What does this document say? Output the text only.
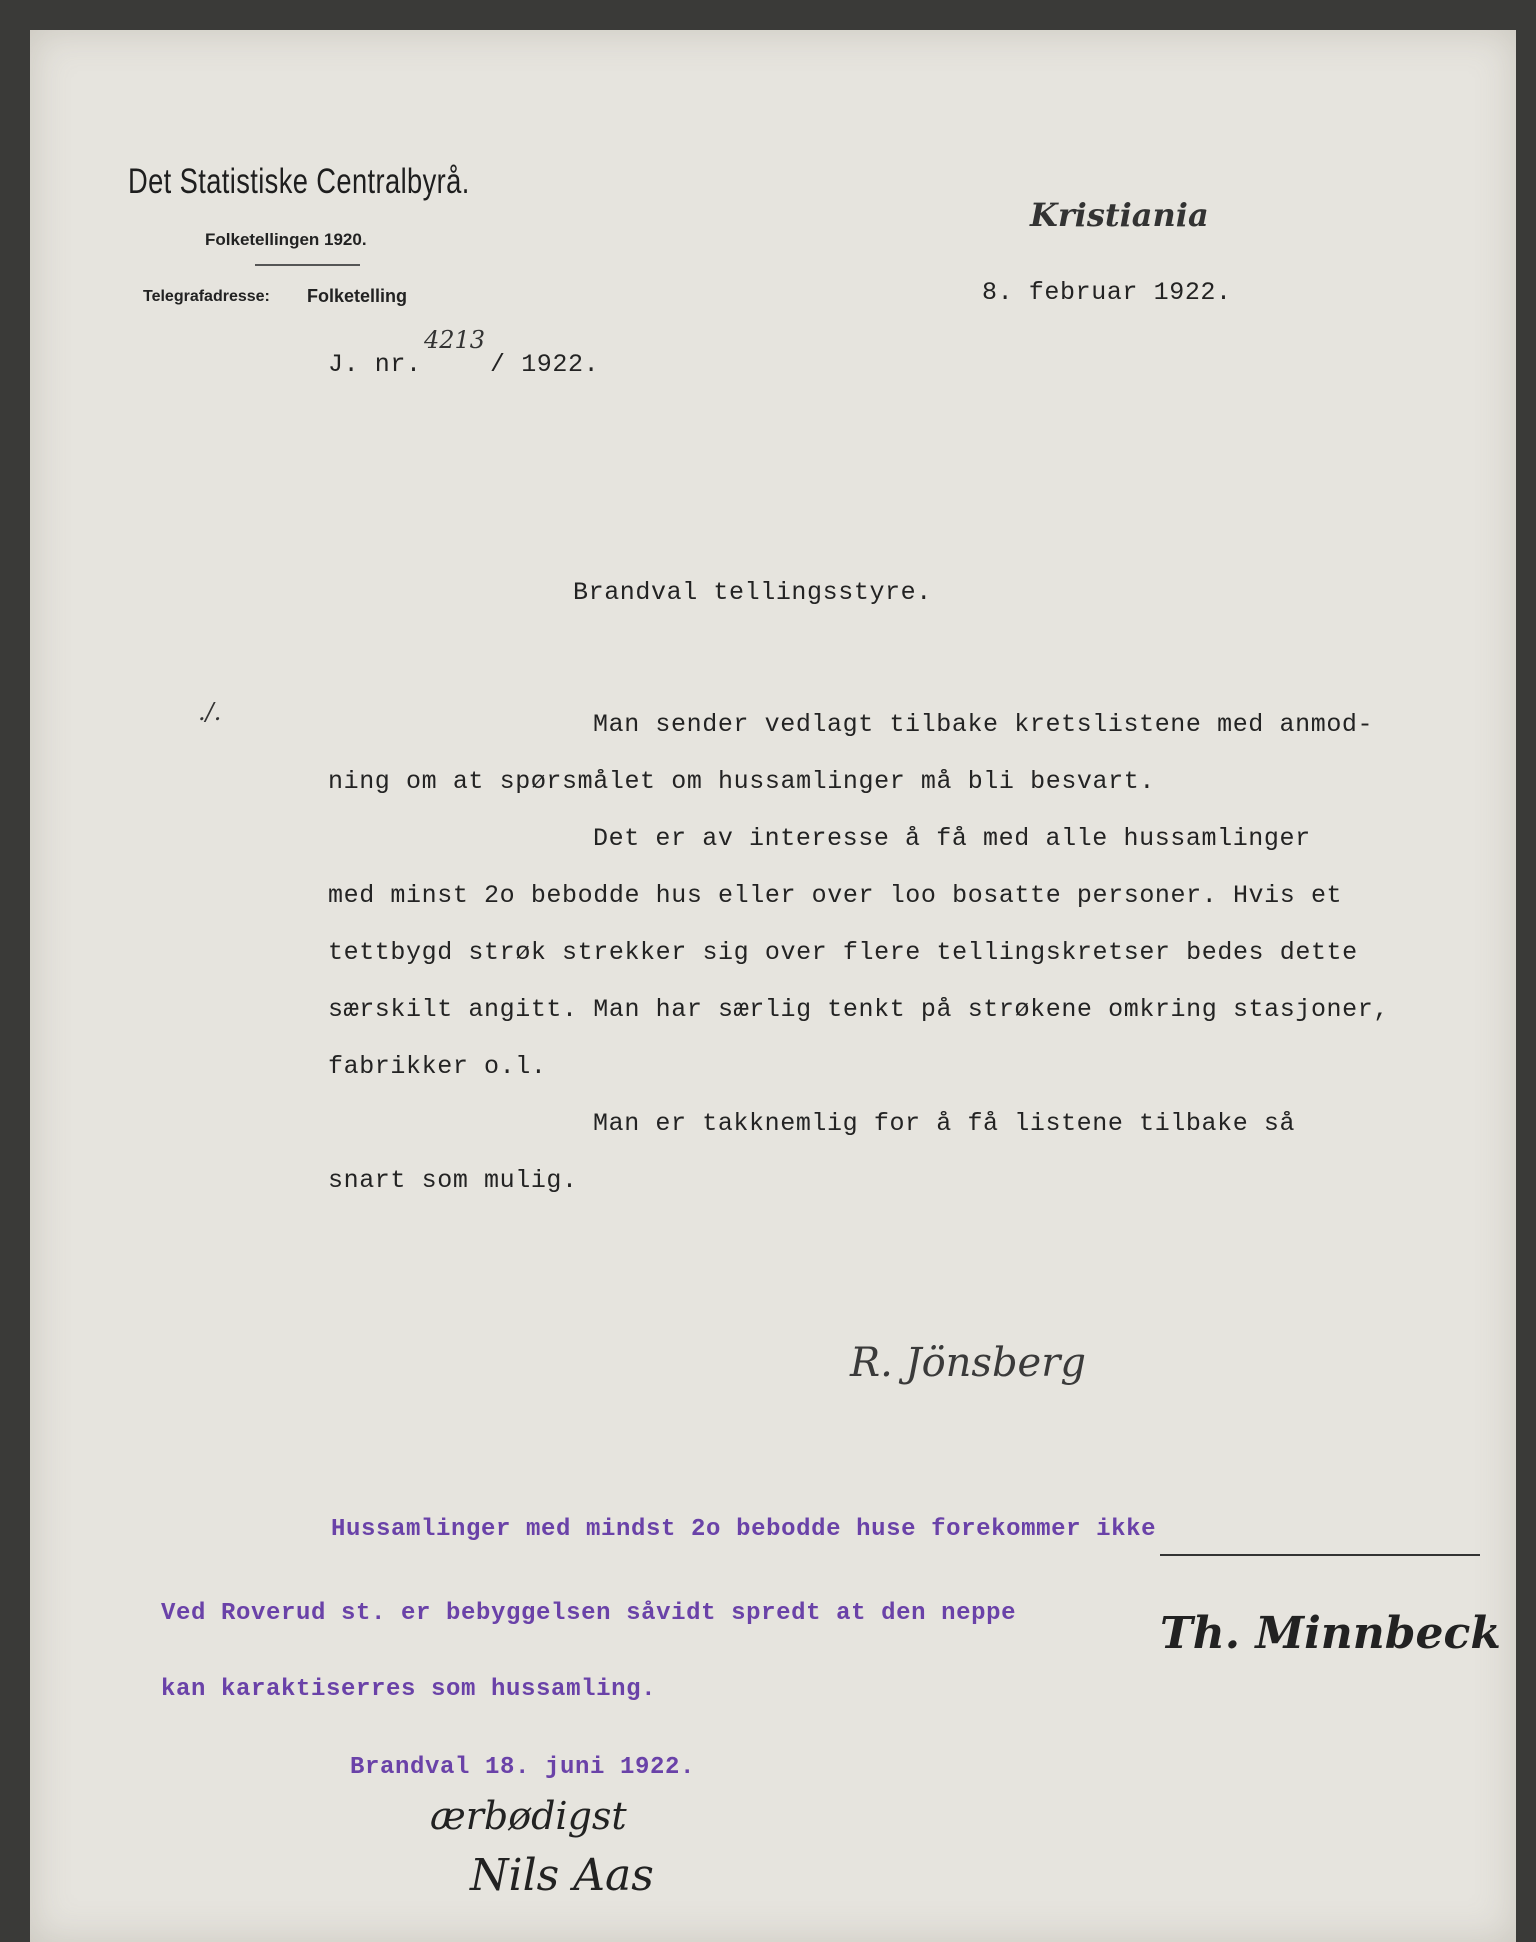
Det Statistiske Centralbyrå.
Folketellingen 1920.
Telegrafadresse: Folketelling
Kristiania
8. februar 1922.
J. nr.
4213
/ 1922.
Brandval tellingsstyre.
./.	Man sender vedlagt tilbake kretslistene med anmod-
ning om at spørsmålet om hussamlinger må bli besvart.
Det er av interesse å få med alle hussamlinger
med minst 2o bebodde hus eller over loo bosatte personer. Hvis et
tettbygd strøk strekker sig over flere tellingskretser bedes dette
særskilt angitt. Man har særlig tenkt på strøkene omkring stasjoner,
fabrikker o.l.
Man er takknemlig for å få listene tilbake så
snart som mulig.
R. Jönsberg
Hussamlinger med mindst 2o bebodde huse forekommer ikke
Ved Roverud st. er bebyggelsen såvidt spredt at den neppe
kan karaktiserres som hussamling.
Th. Minnbeck
Brandval 18. juni 1922.
ærbødigst
Nils Aas
